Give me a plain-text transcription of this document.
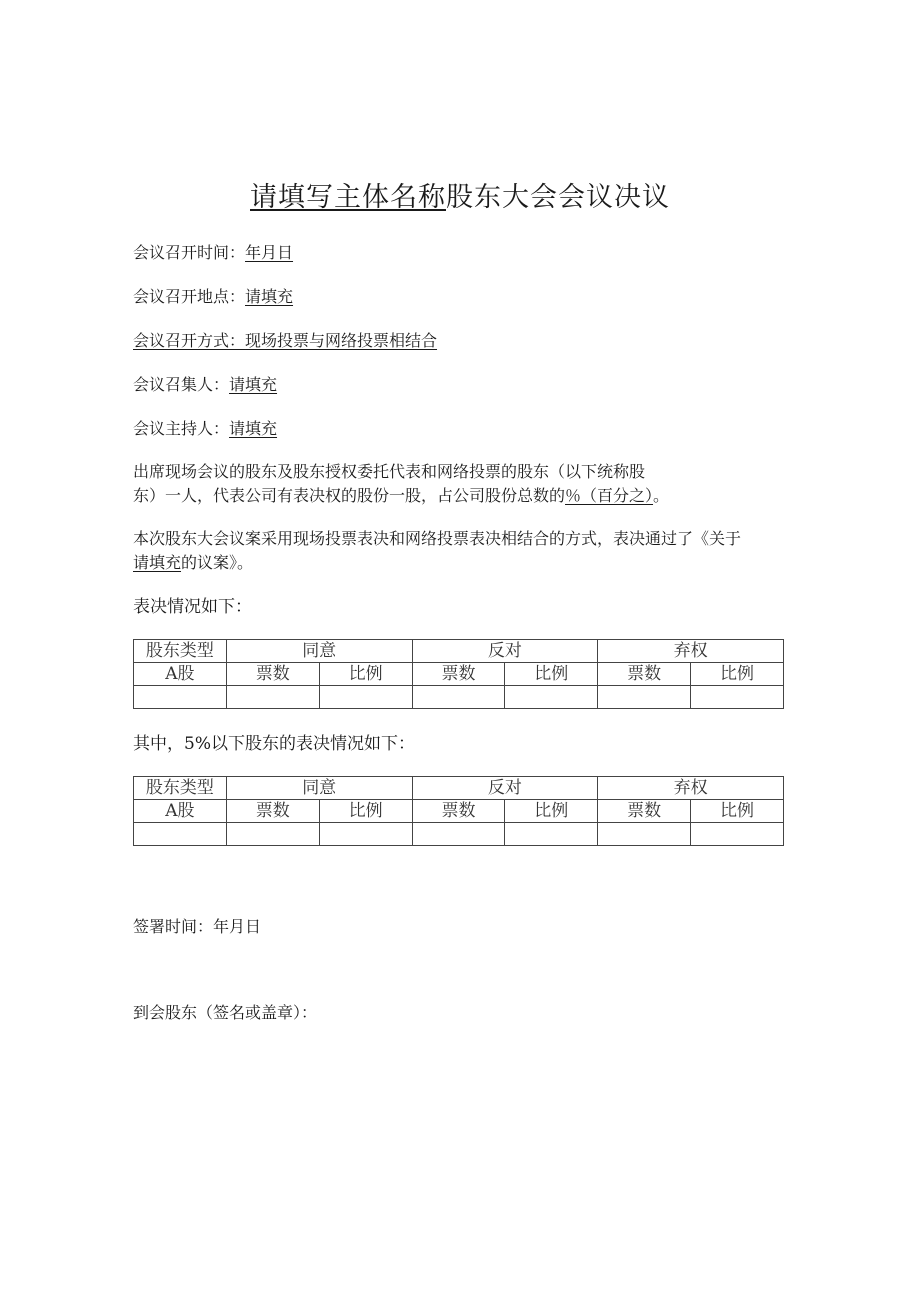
请填写主体名称股东大会会议决议
会议召开时间：年月日
会议召开地点：请填充
会议召开方式：现场投票与网络投票相结合
会议召集人：请填充
会议主持人：请填充
出席现场会议的股东及股东授权委托代表和网络投票的股东（以下统称股
东）一人，代表公司有表决权的股份一股，占公司股份总数的％（百分之）。
本次股东大会议案采用现场投票表决和网络投票表决相结合的方式，表决通过了《关于
请填充的议案》。
表决情况如下：
股东类型	同意		反对		弃权	
A股	票数	比例	票数	比例	票数	比例

其中，5%以下股东的表决情况如下：
股东类型	同意		反对		弃权	
A股	票数	比例	票数	比例	票数	比例

签署时间：年月日
到会股东（签名或盖章）：
